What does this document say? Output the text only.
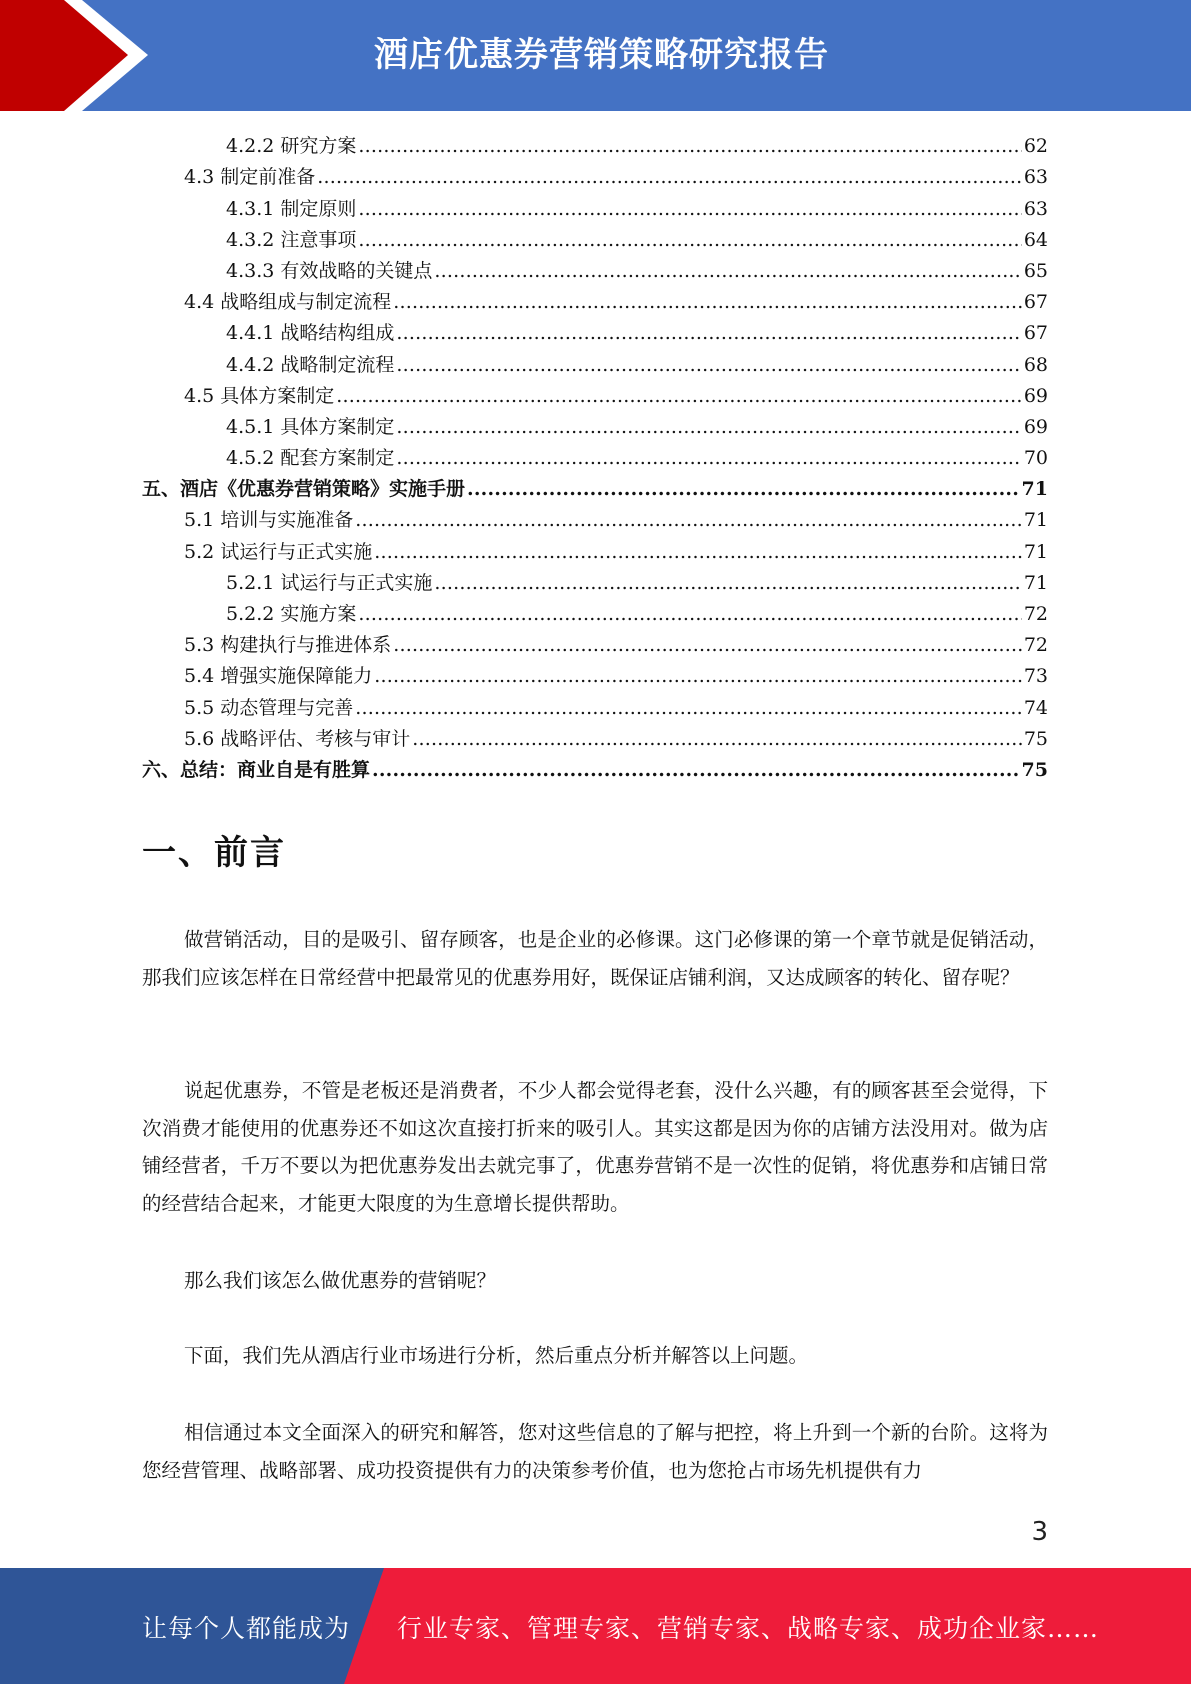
酒店优惠券营销策略研究报告
4.2.2 研究方案 .....	62
4.3 制定前准备 .....	63
4.3.1 制定原则 .....	63
4.3.2 注意事项 .....	64
4.3.3 有效战略的关键点 .....	65
4.4 战略组成与制定流程 .....	67
4.4.1 战略结构组成 .....	67
4.4.2 战略制定流程 .....	68
4.5 具体方案制定 .....	69
4.5.1 具体方案制定 .....	69
4.5.2 配套方案制定 .....	70
五、酒店《优惠券营销策略》实施手册 .....	71
5.1 培训与实施准备 .....	71
5.2 试运行与正式实施 .....	71
5.2.1 试运行与正式实施 .....	71
5.2.2 实施方案 .....	72
5.3 构建执行与推进体系 .....	72
5.4 增强实施保障能力 .....	73
5.5 动态管理与完善 .....	74
5.6 战略评估、考核与审计 .....	75
六、总结：商业自是有胜算 .....	75
一、前言

做营销活动，目的是吸引、留存顾客，也是企业的必修课。这门必修课的第一个章节就是促销活动，那我们应该怎样在日常经营中把最常见的优惠券用好，既保证店铺利润，又达成顾客的转化、留存呢？

说起优惠券，不管是老板还是消费者，不少人都会觉得老套，没什么兴趣，有的顾客甚至会觉得，下次消费才能使用的优惠券还不如这次直接打折来的吸引人。其实这都是因为你的店铺方法没用对。做为店铺经营者，千万不要以为把优惠券发出去就完事了，优惠券营销不是一次性的促销，将优惠券和店铺日常的经营结合起来，才能更大限度的为生意增长提供帮助。

那么我们该怎么做优惠券的营销呢？

下面，我们先从酒店行业市场进行分析，然后重点分析并解答以上问题。

相信通过本文全面深入的研究和解答，您对这些信息的了解与把控，将上升到一个新的台阶。这将为您经营管理、战略部署、成功投资提供有力的决策参考价值，也为您抢占市场先机提供有力

3
让每个人都能成为 行业专家、管理专家、营销专家、战略专家、成功企业家……
